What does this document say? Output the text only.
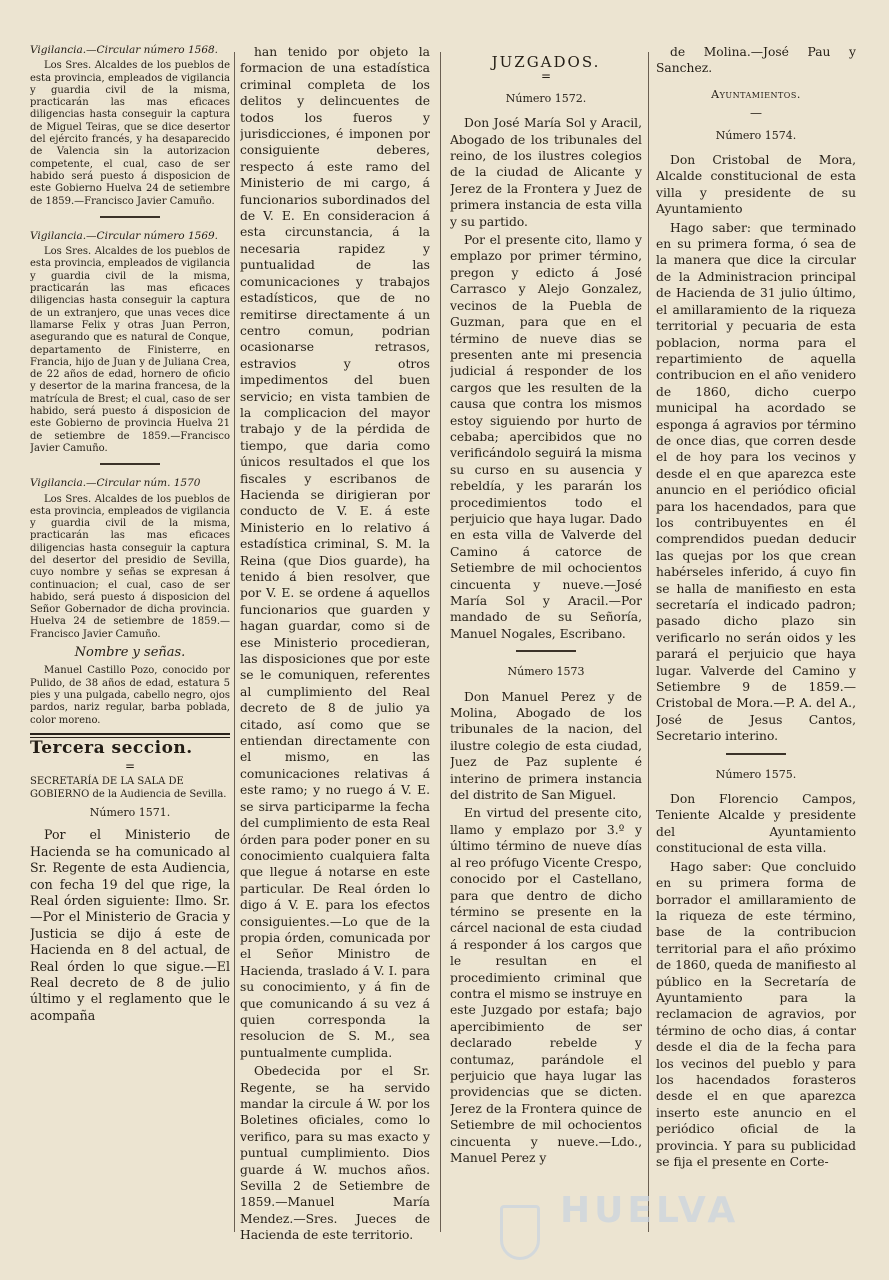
Vigilancia.—Circular número 1568.

Los Sres. Alcaldes de los pueblos de esta provincia, empleados de vigilancia y guardia civil de la misma, practicarán las mas eficaces diligencias hasta conseguir la captura de Miguel Teiras, que se dice desertor del ejército francés, y ha desaparecido de Valencia sin la autorizacion competente, el cual, caso de ser habido será puesto á disposicion de este Gobierno Huelva 24 de setiembre de 1859.—Francisco Javier Camuño.

Vigilancia.—Circular número 1569.

Los Sres. Alcaldes de los pueblos de esta provincia, empleados de vigilancia y guardia civil de la misma, practicarán las mas eficaces diligencias hasta conseguir la captura de un extranjero, que unas veces dice llamarse Felix y otras Juan Perron, asegurando que es natural de Conque, departamento de Finisterre, en Francia, hijo de Juan y de Juliana Crea, de 22 años de edad, hornero de oficio y desertor de la marina francesa, de la matrícula de Brest; el cual, caso de ser habido, será puesto á disposicion de este Gobierno de provincia Huelva 21 de setiembre de 1859.—Francisco Javier Camuño.

Vigilancia.—Circular núm. 1570

Los Sres. Alcaldes de los pueblos de esta provincia, empleados de vigilancia y guardia civil de la misma, practicarán las mas eficaces diligencias hasta conseguir la captura del desertor del presidio de Sevilla, cuyo nombre y señas se expresan á continuacion; el cual, caso de ser habido, será puesto á disposicion del Señor Gobernador de dicha provincia. Huelva 24 de setiembre de 1859.—Francisco Javier Camuño.

Nombre y señas.

Manuel Castillo Pozo, conocido por Pulido, de 38 años de edad, estatura 5 pies y una pulgada, cabello negro, ojos pardos, nariz regular, barba poblada, color moreno.

Tercera seccion.
=
SECRETARÍA DE LA SALA DE GOBIERNO de la Audiencia de Sevilla.
Número 1571.

Por el Ministerio de Hacienda se ha comunicado al Sr. Regente de esta Audiencia, con fecha 19 del que rige, la Real órden siguiente: Ilmo. Sr.—Por el Ministerio de Gracia y Justicia se dijo á este de Hacienda en 8 del actual, de Real órden lo que sigue.—El Real decreto de 8 de julio último y el reglamento que le acompaña

han tenido por objeto la formacion de una estadística criminal completa de los delitos y delincuentes de todos los fueros y jurisdicciones, é imponen por consiguiente deberes, respecto á este ramo del Ministerio de mi cargo, á funcionarios subordinados del de V. E. En consideracion á esta circunstancia, á la necesaria rapidez y puntualidad de las comunicaciones y trabajos estadísticos, que de no remitirse directamente á un centro comun, podrian ocasionarse retrasos, estravios y otros impedimentos del buen servicio; en vista tambien de la complicacion del mayor trabajo y de la pérdida de tiempo, que daria como únicos resultados el que los fiscales y escribanos de Hacienda se dirigieran por conducto de V. E. á este Ministerio en lo relativo á estadística criminal, S. M. la Reina (que Dios guarde), ha tenido á bien resolver, que por V. E. se ordene á aquellos funcionarios que guarden y hagan guardar, como si de ese Ministerio procedieran, las disposiciones que por este se le comuniquen, referentes al cumplimiento del Real decreto de 8 de julio ya citado, así como que se entiendan directamente con el mismo, en las comunicaciones relativas á este ramo; y no ruego á V. E. se sirva participarme la fecha del cumplimiento de esta Real órden para poder poner en su conocimiento cualquiera falta que llegue á notarse en este particular. De Real órden lo digo á V. E. para los efectos consiguientes.—Lo que de la propia órden, comunicada por el Señor Ministro de Hacienda, traslado á V. I. para su conocimiento, y á fin de que comunicando á su vez á quien corresponda la resolucion de S. M., sea puntualmente cumplida.

Obedecida por el Sr. Regente, se ha servido mandar la circule á W. por los Boletines oficiales, como lo verifico, para su mas exacto y puntual cumplimiento. Dios guarde á W. muchos años. Sevilla 2 de Setiembre de 1859.—Manuel María Mendez.—Sres. Jueces de Hacienda de este territorio.

JUZGADOS.
=
Número 1572.

Don José María Sol y Aracil, Abogado de los tribunales del reino, de los ilustres colegios de la ciudad de Alicante y Jerez de la Frontera y Juez de primera instancia de esta villa y su partido.

Por el presente cito, llamo y emplazo por primer término, pregon y edicto á José Carrasco y Alejo Gonzalez, vecinos de la Puebla de Guzman, para que en el término de nueve dias se presenten ante mi presencia judicial á responder de los cargos que les resulten de la causa que contra los mismos estoy siguiendo por hurto de cebaba; apercibidos que no verificándolo seguirá la misma su curso en su ausencia y rebeldía, y les pararán los procedimientos todo el perjuicio que haya lugar. Dado en esta villa de Valverde del Camino á catorce de Setiembre de mil ochocientos cincuenta y nueve.—José María Sol y Aracil.—Por mandado de su Señoría, Manuel Nogales, Escribano.

Número 1573

Don Manuel Perez y de Molina, Abogado de los tribunales de la nacion, del ilustre colegio de esta ciudad, Juez de Paz suplente é interino de primera instancia del distrito de San Miguel.

En virtud del presente cito, llamo y emplazo por 3.º y último término de nueve días al reo prófugo Vicente Crespo, conocido por el Castellano, para que dentro de dicho término se presente en la cárcel nacional de esta ciudad á responder á los cargos que le resultan en el procedimiento criminal que contra el mismo se instruye en este Juzgado por estafa; bajo apercibimiento de ser declarado rebelde y contumaz, parándole el perjuicio que haya lugar las providencias que se dicten. Jerez de la Frontera quince de Setiembre de mil ochocientos cincuenta y nueve.—Ldo., Manuel Perez y

de Molina.—José Pau y Sanchez.

Ayuntamientos.
—
Número 1574.

Don Cristobal de Mora, Alcalde constitucional de esta villa y presidente de su Ayuntamiento

Hago saber: que terminado en su primera forma, ó sea de la manera que dice la circular de la Administracion principal de Hacienda de 31 julio último, el amillaramiento de la riqueza territorial y pecuaria de esta poblacion, norma para el repartimiento de aquella contribucion en el año venidero de 1860, dicho cuerpo municipal ha acordado se esponga á agravios por término de once dias, que corren desde el de hoy para los vecinos y desde el en que aparezca este anuncio en el periódico oficial para los hacendados, para que los contribuyentes en él comprendidos puedan deducir las quejas por los que crean habérseles inferido, á cuyo fin se halla de manifiesto en esta secretaría el indicado padron; pasado dicho plazo sin verificarlo no serán oidos y les parará el perjuicio que haya lugar. Valverde del Camino y Setiembre 9 de 1859.—Cristobal de Mora.—P. A. del A., José de Jesus Cantos, Secretario interino.

Número 1575.

Don Florencio Campos, Teniente Alcalde y presidente del Ayuntamiento constitucional de esta villa.

Hago saber: Que concluido en su primera forma de borrador el amillaramiento de la riqueza de este término, base de la contribucion territorial para el año próximo de 1860, queda de manifiesto al público en la Secretaría de Ayuntamiento para la reclamacion de agravios, por término de ocho dias, á contar desde el dia de la fecha para los vecinos del pueblo y para los hacendados forasteros desde el en que aparezca inserto este anuncio en el periódico oficial de la provincia. Y para su publicidad se fija el presente en Corte-

HUELVA
